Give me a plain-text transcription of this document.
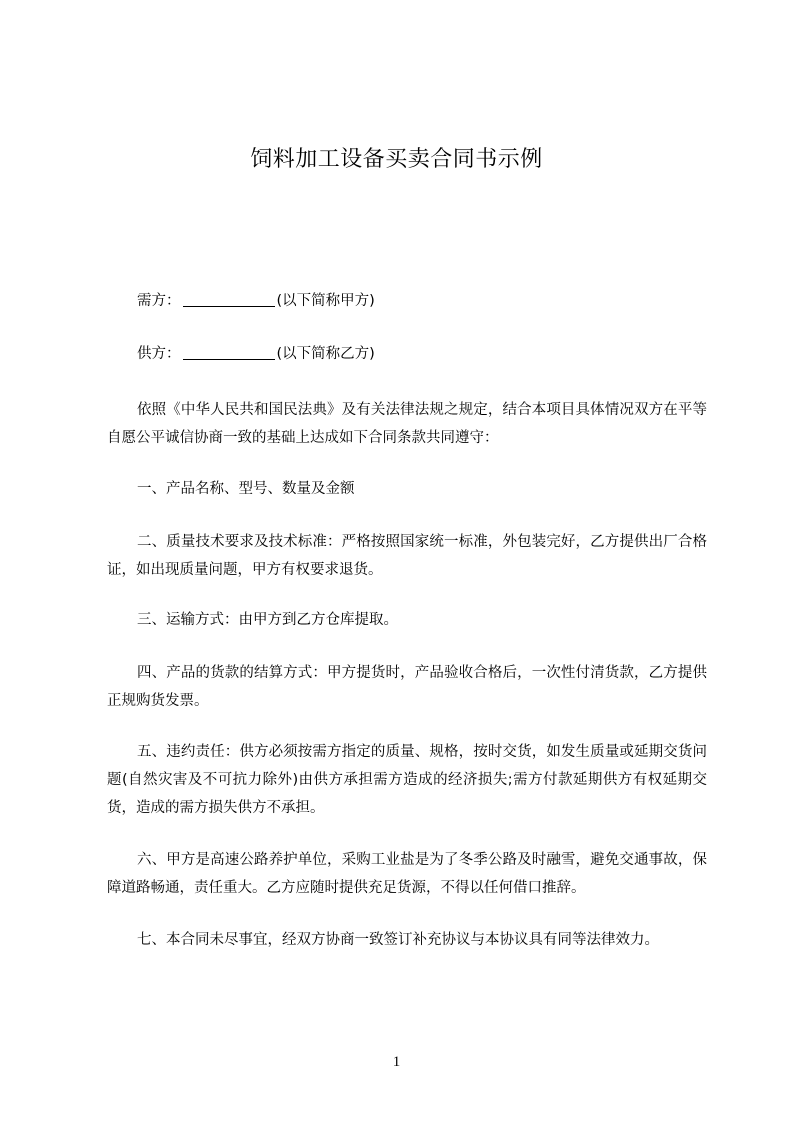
饲料加工设备买卖合同书示例
需方：	(以下简称甲方)
供方：	(以下简称乙方)

依照《中华人民共和国民法典》及有关法律法规之规定，结合本项目具体情况双方在平等自愿公平诚信协商一致的基础上达成如下合同条款共同遵守：

一、产品名称、型号、数量及金额

二、质量技术要求及技术标准：严格按照国家统一标准，外包装完好，乙方提供出厂合格证，如出现质量问题，甲方有权要求退货。

三、运输方式：由甲方到乙方仓库提取。

四、产品的货款的结算方式：甲方提货时，产品验收合格后，一次性付清货款，乙方提供正规购货发票。

五、违约责任：供方必须按需方指定的质量、规格，按时交货，如发生质量或延期交货问题(自然灾害及不可抗力除外)由供方承担需方造成的经济损失;需方付款延期供方有权延期交货，造成的需方损失供方不承担。

六、甲方是高速公路养护单位，采购工业盐是为了冬季公路及时融雪，避免交通事故，保障道路畅通，责任重大。乙方应随时提供充足货源，不得以任何借口推辞。

七、本合同未尽事宜，经双方协商一致签订补充协议与本协议具有同等法律效力。

1
